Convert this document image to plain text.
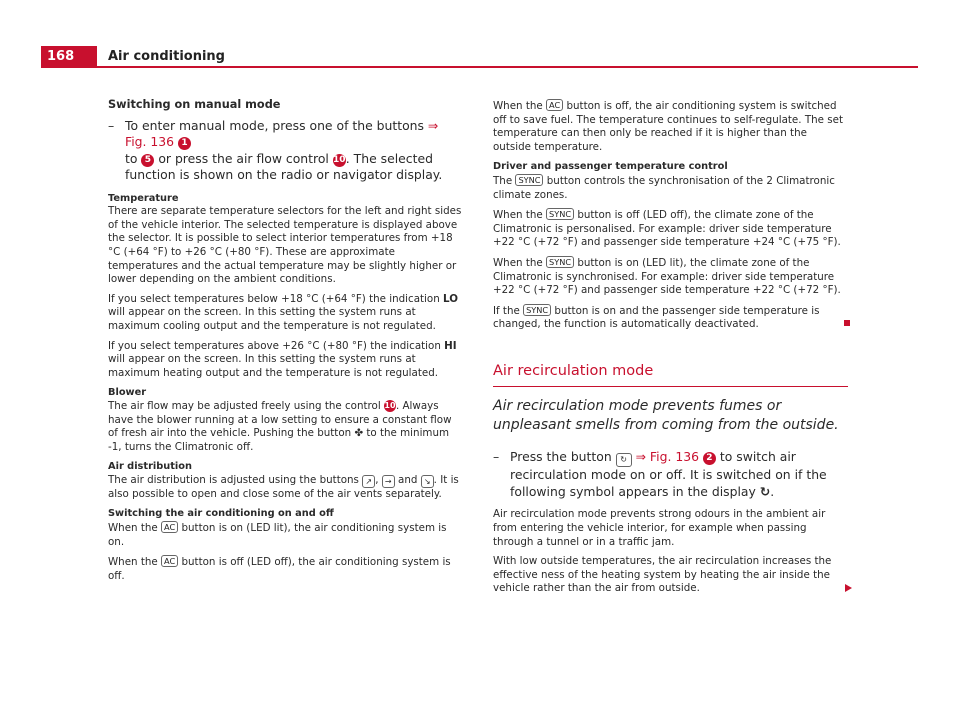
168	Air conditioning
Switching on manual mode
– To enter manual mode, press one of the buttons ⇒ Fig. 136 1
to 5 or press the air flow control 10. The selected function is shown on the radio or navigator display.
Temperature

There are separate temperature selectors for the left and right sides of the vehicle interior. The selected temperature is displayed above the selector. It is possible to select interior temperatures from +18 °C (+64 °F) to +26 °C (+80 °F). These are approximate temperatures and the actual temperature may be slightly higher or lower depending on the ambient conditions.

If you select temperatures below +18 °C (+64 °F) the indication LO will appear on the screen. In this setting the system runs at maximum cooling output and the temperature is not regulated.

If you select temperatures above +26 °C (+80 °F) the indication HI will appear on the screen. In this setting the system runs at maximum heating output and the temperature is not regulated.

Blower

The air flow may be adjusted freely using the control 10. Always have the blower running at a low setting to ensure a constant flow of fresh air into the vehicle. Pushing the button ✤ to the minimum -1, turns the Climatronic off.

Air distribution

The air distribution is adjusted using the buttons ↗ , → and ↘ . It is also possible to open and close some of the air vents separately.

Switching the air conditioning on and off

When the AC button is on (LED lit), the air conditioning system is on.

When the AC button is off (LED off), the air conditioning system is off.

When the AC button is off, the air conditioning system is switched off to save fuel. The temperature continues to self-regulate. The set temperature can then only be reached if it is higher than the outside temperature.

Driver and passenger temperature control

The SYNC button controls the synchronisation of the 2 Climatronic climate zones.

When the SYNC button is off (LED off), the climate zone of the Climatronic is personalised. For example: driver side temperature +22 °C (+72 °F) and passenger side temperature +24 °C (+75 °F).

When the SYNC button is on (LED lit), the climate zone of the Climatronic is synchronised. For example: driver side temperature +22 °C (+72 °F) and passenger side temperature +22 °C (+72 °F).

If the SYNC button is on and the passenger side temperature is changed, the function is automatically deactivated.

Air recirculation mode
Air recirculation mode prevents fumes or unpleasant smells from coming from the outside.
– Press the button ↻ ⇒ Fig. 136 2 to switch air recirculation mode on or off. It is switched on if the following symbol appears in the display ↻.

Air recirculation mode prevents strong odours in the ambient air from entering the vehicle interior, for example when passing through a tunnel or in a traffic jam.

With low outside temperatures, the air recirculation increases the effective ness of the heating system by heating the air inside the vehicle rather than the air from outside.
